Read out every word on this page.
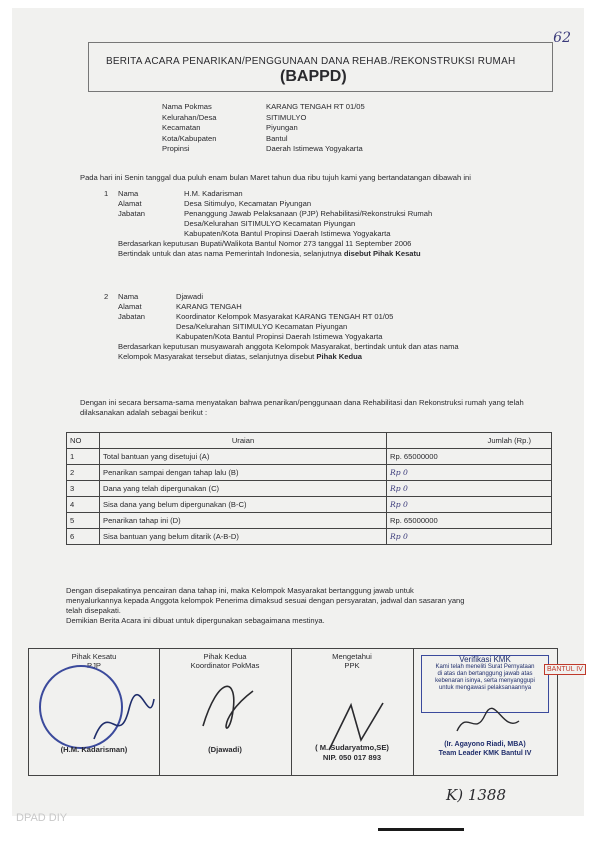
62
BERITA ACARA PENARIKAN/PENGGUNAAN DANA REHAB./REKONSTRUKSI RUMAH
(BAPPD)
Nama Pokmas	KARANG TENGAH RT 01/05
Kelurahan/Desa	SITIMULYO
Kecamatan	Piyungan
Kota/Kabupaten	Bantul
Propinsi	Daerah Istimewa Yogyakarta
Pada hari ini Senin tanggal dua puluh enam bulan Maret tahun dua ribu tujuh kami yang bertandatangan dibawah ini
1 Nama	H.M. Kadarisman
Alamat	Desa Sitimulyo, Kecamatan Piyungan
Jabatan	Penanggung Jawab Pelaksanaan (PJP) Rehabilitasi/Rekonstruksi Rumah
Desa/Kelurahan SITIMULYO Kecamatan Piyungan
Kabupaten/Kota Bantul Propinsi Daerah Istimewa Yogyakarta
Berdasarkan keputusan Bupati/Walikota Bantul Nomor 273 tanggal 11 September 2006
Bertindak untuk dan atas nama Pemerintah Indonesia, selanjutnya disebut Pihak Kesatu
2 Nama	Djawadi
Alamat	KARANG TENGAH
Jabatan	Koordinator Kelompok Masyarakat KARANG TENGAH RT 01/05
Desa/Kelurahan SITIMULYO Kecamatan Piyungan
Kabupaten/Kota Bantul Propinsi Daerah Istimewa Yogyakarta
Berdasarkan keputusan musyawarah anggota Kelompok Masyarakat, bertindak untuk dan atas nama
Kelompok Masyarakat tersebut diatas, selanjutnya disebut Pihak Kedua
Dengan ini secara bersama-sama menyatakan bahwa penarikan/penggunaan dana Rehabilitasi dan Rekonstruksi rumah yang telah dilaksanakan adalah sebagai berikut :
NO	Uraian	Jumlah (Rp.)
1	Total bantuan yang disetujui (A)	Rp. 65000000
2	Penarikan sampai dengan tahap lalu (B)	Rp 0
3	Dana yang telah dipergunakan (C)	Rp 0
4	Sisa dana yang belum dipergunakan (B-C)	Rp 0
5	Penarikan tahap ini (D)	Rp. 65000000
6	Sisa bantuan yang belum ditarik (A-B-D)	Rp 0
Dengan disepakatinya pencairan dana tahap ini, maka Kelompok Masyarakat bertanggung jawab untuk
menyalurkannya kepada Anggota kelompok Penerima dimaksud sesuai dengan persyaratan, jadwal dan sasaran yang
telah disepakati.
Demikian Berita Acara ini dibuat untuk dipergunakan sebagaimana mestinya.
Pihak Kesatu
PJP
(H.M. Kadarisman)
Pihak Kedua
Koordinator PokMas
(Djawadi)
Mengetahui
PPK
( M. Sudaryatmo,SE)
NIP. 050 017 893
Verifikasi KMK
Kami telah meneliti Surat Pernyataan
di atas dan bertanggung jawab atas
kebenaran isinya, serta menyanggupi
untuk mengawasi pelaksanaannya
(Ir. Agayono Riadi, MBA)
Team Leader KMK Bantul IV
BANTUL IV
K) 1388
DPAD DIY
